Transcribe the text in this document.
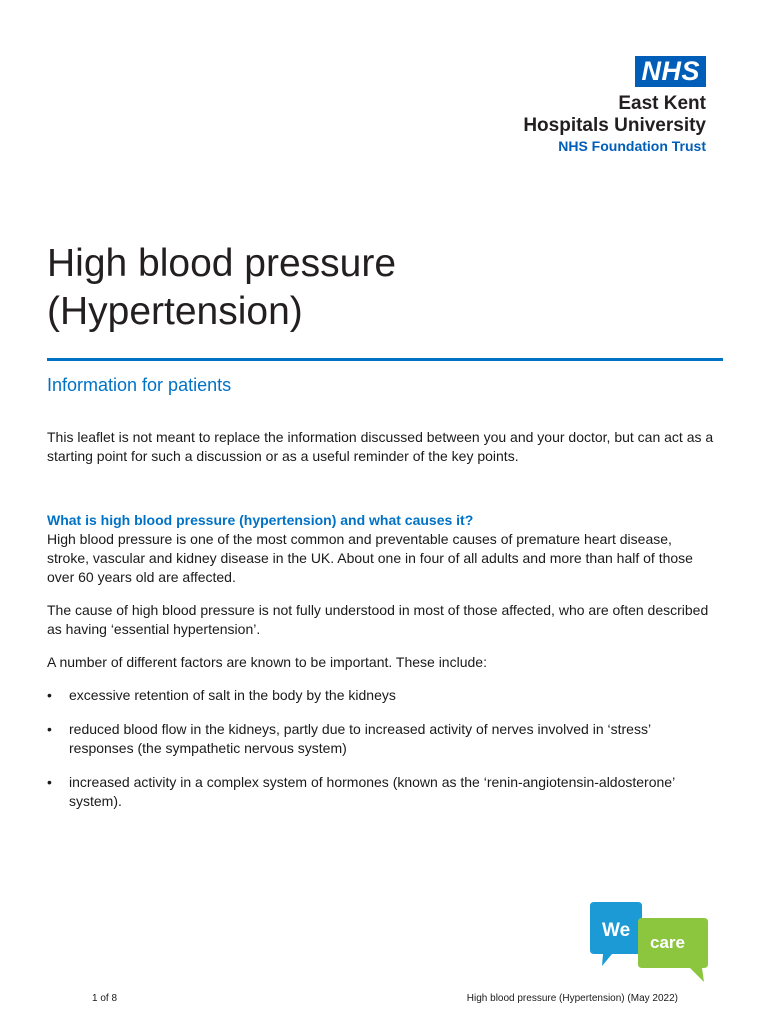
NHS
East Kent
Hospitals University
NHS Foundation Trust
High blood pressure
(Hypertension)
Information for patients

This leaflet is not meant to replace the information discussed between you and your doctor, but can act as a starting point for such a discussion or as a useful reminder of the key points.

What is high blood pressure (hypertension) and what causes it?

High blood pressure is one of the most common and preventable causes of premature heart disease, stroke, vascular and kidney disease in the UK. About one in four of all adults and more than half of those over 60 years old are affected.

The cause of high blood pressure is not fully understood in most of those affected, who are often described as having ‘essential hypertension’.

A number of different factors are known to be important. These include:

• excessive retention of salt in the body by the kidneys
• reduced blood flow in the kidneys, partly due to increased activity of nerves involved in ‘stress’ responses (the sympathetic nervous system)
• increased activity in a complex system of hormones (known as the ‘renin-angiotensin-aldosterone’ system).
We
care
1 of 8	High blood pressure (Hypertension) (May 2022)
